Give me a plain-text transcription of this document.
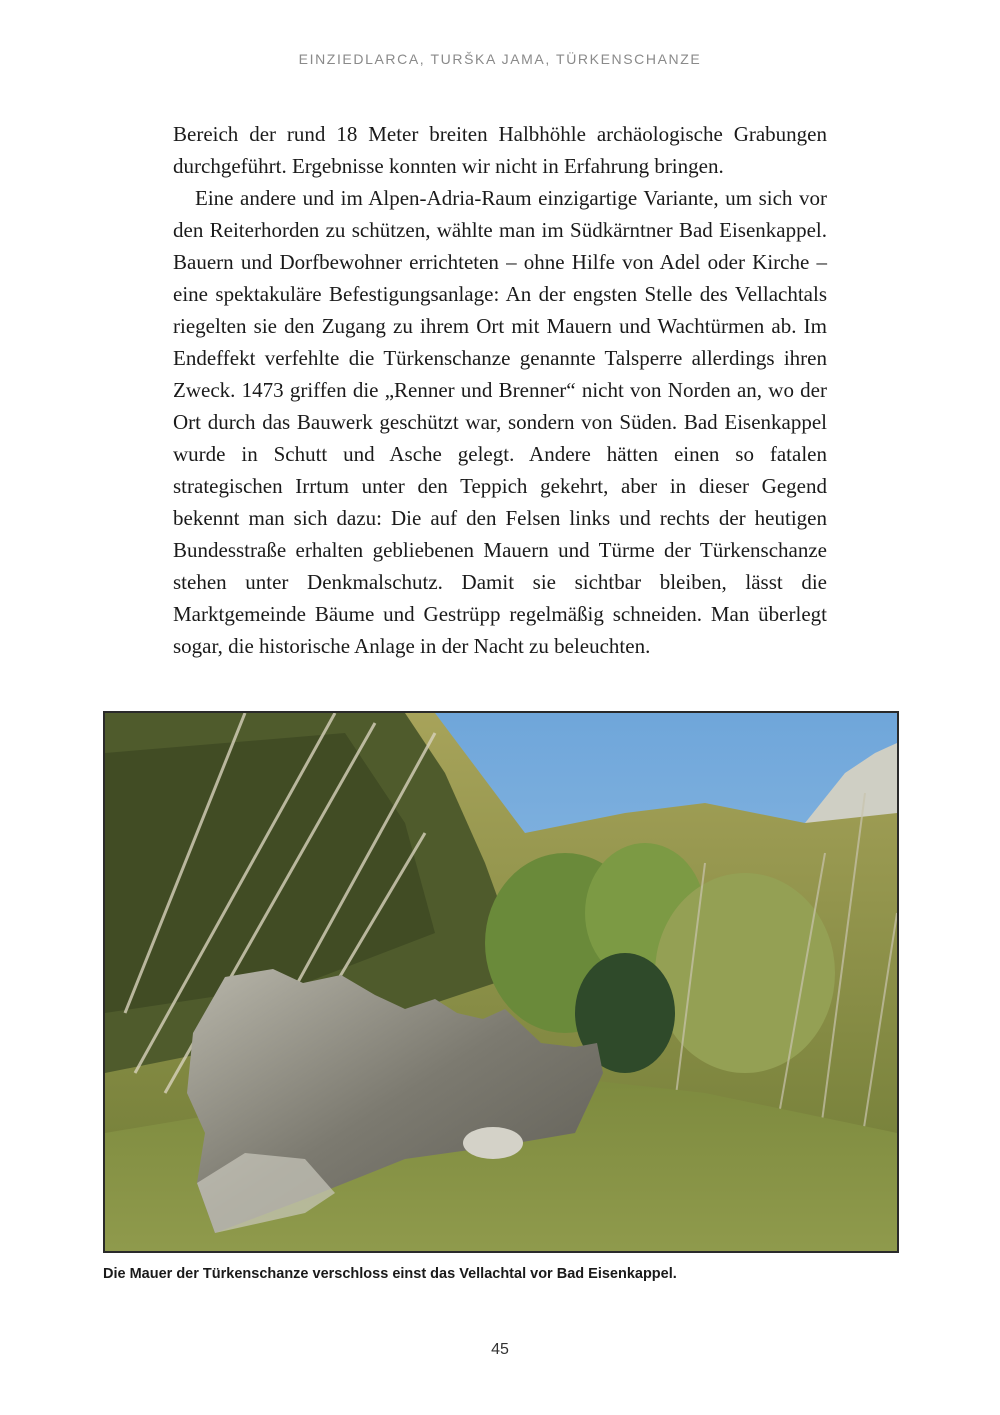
EINZIEDLARCA, TURŠKA JAMA, TÜRKENSCHANZE

Bereich der rund 18 Meter breiten Halbhöhle archäologische Grabungen durchgeführt. Ergebnisse konnten wir nicht in Erfahrung bringen.

Eine andere und im Alpen-Adria-Raum einzigartige Variante, um sich vor den Reiterhorden zu schützen, wählte man im Südkärntner Bad Eisenkappel. Bauern und Dorfbewohner errichteten – ohne Hilfe von Adel oder Kirche – eine spektakuläre Befestigungsanlage: An der engsten Stelle des Vellachtals riegelten sie den Zugang zu ihrem Ort mit Mauern und Wachtürmen ab. Im Endeffekt verfehlte die Türkenschanze genannte Talsperre allerdings ihren Zweck. 1473 griffen die „Renner und Brenner“ nicht von Norden an, wo der Ort durch das Bauwerk geschützt war, sondern von Süden. Bad Eisenkappel wurde in Schutt und Asche gelegt. Andere hätten einen so fatalen strategischen Irrtum unter den Teppich gekehrt, aber in dieser Gegend bekennt man sich dazu: Die auf den Felsen links und rechts der heutigen Bundesstraße erhalten gebliebenen Mauern und Türme der Türkenschanze stehen unter Denkmalschutz. Damit sie sichtbar bleiben, lässt die Marktgemeinde Bäume und Gestrüpp regelmäßig schneiden. Man überlegt sogar, die historische Anlage in der Nacht zu beleuchten.

Die Mauer der Türkenschanze verschloss einst das Vellachtal vor Bad Eisenkappel.
45
